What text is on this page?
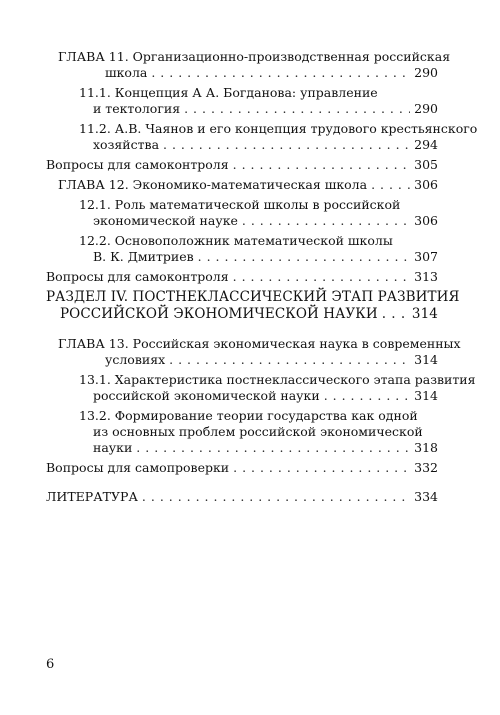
ГЛАВА 11. Организационно-производственная российская
школа . . .	290
11.1. Концепция А А. Богданова: управление
и тектология . . .	290
11.2. А.В. Чаянов и его концепция трудового крестьянского
хозяйства . . .	294
Вопросы для самоконтроля . . .	305
ГЛАВА 12. Экономико-математическая школа . . .	306
12.1. Роль математической школы в российской
экономической науке . . .	306
12.2. Основоположник математической школы
В. К. Дмитриев . . .	307
Вопросы для самоконтроля . . .	313
РАЗДЕЛ IV. ПОСТНЕКЛАССИЧЕСКИЙ ЭТАП РАЗВИТИЯ
РОССИЙСКОЙ ЭКОНОМИЧЕСКОЙ НАУКИ . . .	314
ГЛАВА 13. Российская экономическая наука в современных
условиях . . .	314
13.1. Характеристика постнеклассического этапа развития
российской экономической науки . . .	314
13.2. Формирование теории государства как одной
из основных проблем российской экономической
науки . . .	318
Вопросы для самопроверки . . .	332
ЛИТЕРАТУРА . . .	334
6
